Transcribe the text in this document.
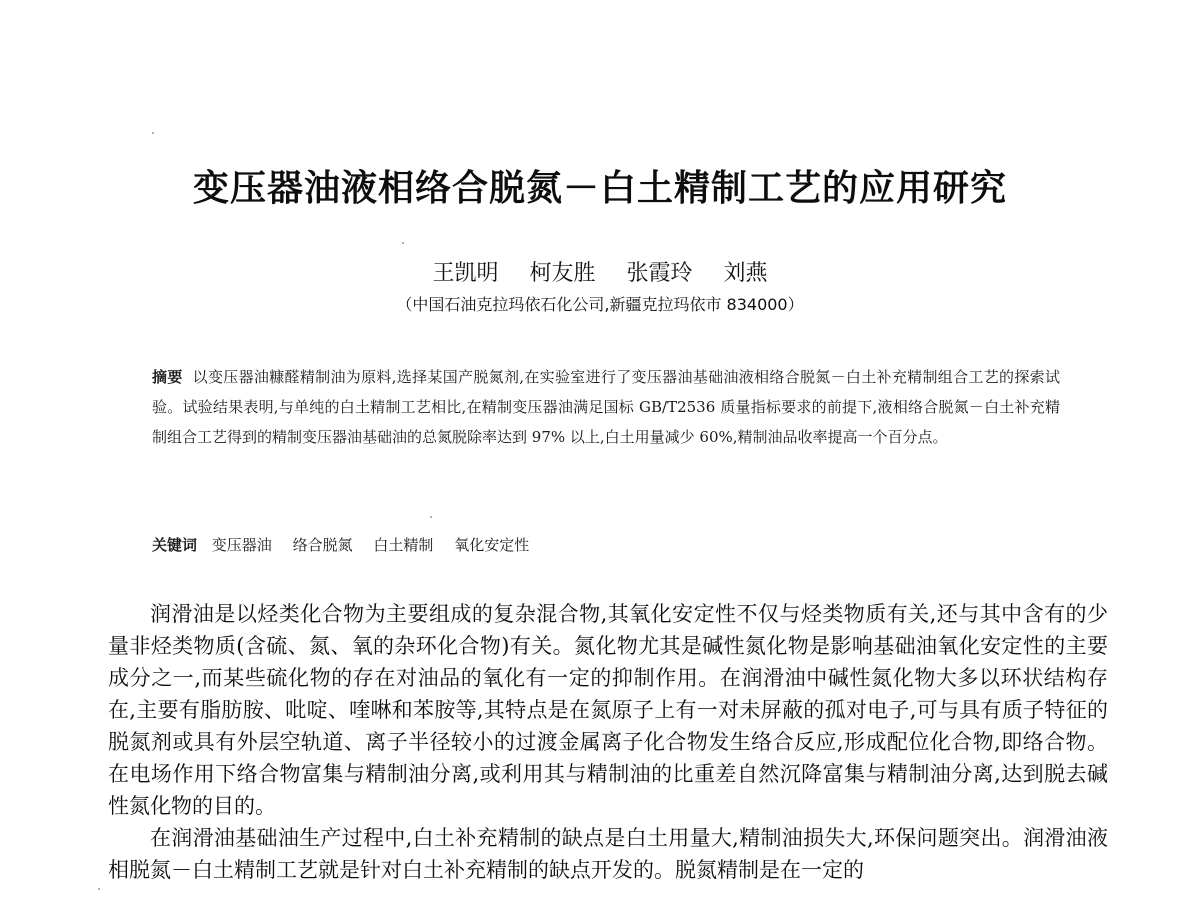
变压器油液相络合脱氮－白土精制工艺的应用研究
王凯明 柯友胜 张霞玲 刘燕
（中国石油克拉玛依石化公司,新疆克拉玛依市 834000）

摘要 以变压器油糠醛精制油为原料,选择某国产脱氮剂,在实验室进行了变压器油基础油液相络合脱氮－白土补充精制组合工艺的探索试验。试验结果表明,与单纯的白土精制工艺相比,在精制变压器油满足国标 GB/T2536 质量指标要求的前提下,液相络合脱氮－白土补充精制组合工艺得到的精制变压器油基础油的总氮脱除率达到 97% 以上,白土用量减少 60%,精制油品收率提高一个百分点。

关键词 变压器油 络合脱氮 白土精制 氧化安定性

润滑油是以烃类化合物为主要组成的复杂混合物,其氧化安定性不仅与烃类物质有关,还与其中含有的少量非烃类物质(含硫、氮、氧的杂环化合物)有关。氮化物尤其是碱性氮化物是影响基础油氧化安定性的主要成分之一,而某些硫化物的存在对油品的氧化有一定的抑制作用。在润滑油中碱性氮化物大多以环状结构存在,主要有脂肪胺、吡啶、喹啉和苯胺等,其特点是在氮原子上有一对未屏蔽的孤对电子,可与具有质子特征的脱氮剂或具有外层空轨道、离子半径较小的过渡金属离子化合物发生络合反应,形成配位化合物,即络合物。在电场作用下络合物富集与精制油分离,或利用其与精制油的比重差自然沉降富集与精制油分离,达到脱去碱性氮化物的目的。

在润滑油基础油生产过程中,白土补充精制的缺点是白土用量大,精制油损失大,环保问题突出。润滑油液相脱氮－白土精制工艺就是针对白土补充精制的缺点开发的。脱氮精制是在一定的
